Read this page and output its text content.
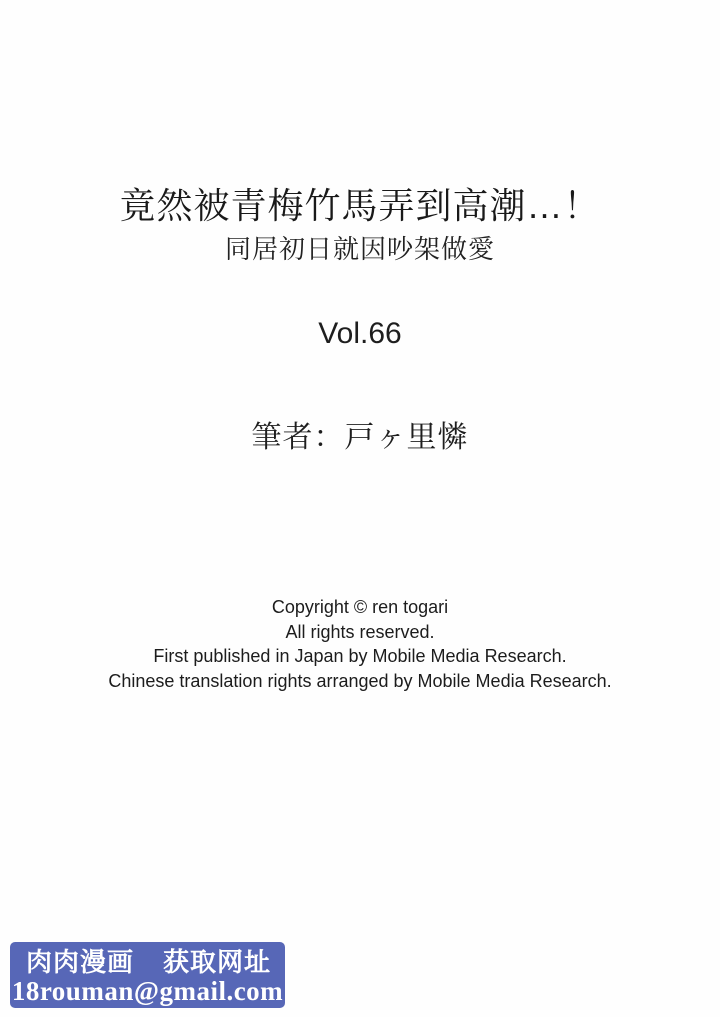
竟然被青梅竹馬弄到高潮…！
同居初日就因吵架做愛
Vol.66
筆者：戸ヶ里憐
Copyright © ren togari
All rights reserved.
First published in Japan by Mobile Media Research.
Chinese translation rights arranged by Mobile Media Research.
肉肉漫画 获取网址
18rouman@gmail.com
